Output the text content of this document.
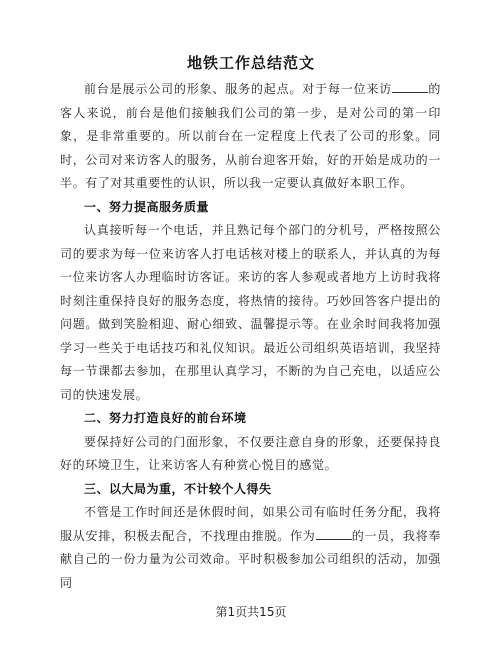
地铁工作总结范文

前台是展示公司的形象、服务的起点。对于每一位来访	的客人来说，前台是他们接触我们公司的第一步，是对公司的第一印象，是非常重要的。所以前台在一定程度上代表了公司的形象。同时，公司对来访客人的服务，从前台迎客开始，好的开始是成功的一半。有了对其重要性的认识，所以我一定要认真做好本职工作。

一、努力提高服务质量

认真接听每一个电话，并且熟记每个部门的分机号，严格按照公司的要求为每一位来访客人打电话核对楼上的联系人，并认真的为每一位来访客人办理临时访客证。来访的客人参观或者地方上访时我将时刻注重保持良好的服务态度，将热情的接待。巧妙回答客户提出的问题。做到笑脸相迎、耐心细致、温馨提示等。在业余时间我将加强学习一些关于电话技巧和礼仪知识。最近公司组织英语培训，我坚持每一节课都去参加，在那里认真学习，不断的为自己充电，以适应公司的快速发展。

二、努力打造良好的前台环境

要保持好公司的门面形象，不仅要注意自身的形象，还要保持良好的环境卫生，让来访客人有种赏心悦目的感觉。

三、以大局为重，不计较个人得失

不管是工作时间还是休假时间，如果公司有临时任务分配，我将服从安排，积极去配合，不找理由推脱。作为	的一员，我将奉献自己的一份力量为公司效命。平时积极参加公司组织的活动，加强同

第1页共15页
